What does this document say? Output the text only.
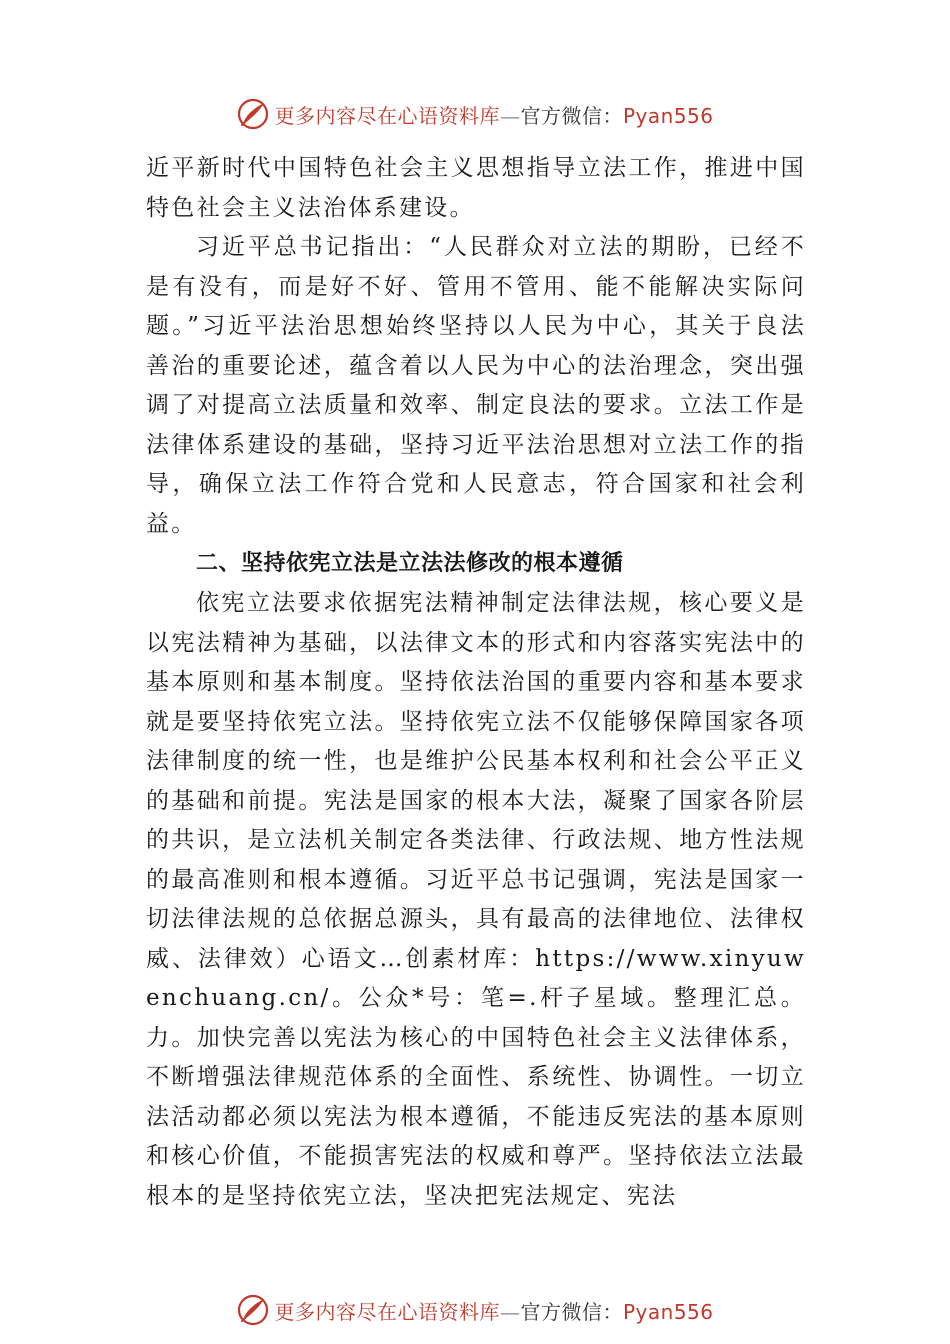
更多内容尽在心语资料库—官方微信：Pyan556

近平新时代中国特色社会主义思想指导立法工作，推进中国特色社会主义法治体系建设。

习近平总书记指出：“人民群众对立法的期盼，已经不是有没有，而是好不好、管用不管用、能不能解决实际问题。”习近平法治思想始终坚持以人民为中心，其关于良法善治的重要论述，蕴含着以人民为中心的法治理念，突出强调了对提高立法质量和效率、制定良法的要求。立法工作是法律体系建设的基础，坚持习近平法治思想对立法工作的指导，确保立法工作符合党和人民意志，符合国家和社会利益。

二、坚持依宪立法是立法法修改的根本遵循

依宪立法要求依据宪法精神制定法律法规，核心要义是以宪法精神为基础，以法律文本的形式和内容落实宪法中的基本原则和基本制度。坚持依法治国的重要内容和基本要求就是要坚持依宪立法。坚持依宪立法不仅能够保障国家各项法律制度的统一性，也是维护公民基本权利和社会公平正义的基础和前提。宪法是国家的根本大法，凝聚了国家各阶层的共识，是立法机关制定各类法律、行政法规、地方性法规的最高准则和根本遵循。习近平总书记强调，宪法是国家一切法律法规的总依据总源头，具有最高的法律地位、法律权威、法律效）心语文…创素材库：https://www.xinyuwenchuang.cn/。公众*号：笔=.杆子星域。整理汇总。力。加快完善以宪法为核心的中国特色社会主义法律体系，不断增强法律规范体系的全面性、系统性、协调性。一切立法活动都必须以宪法为根本遵循，不能违反宪法的基本原则和核心价值，不能损害宪法的权威和尊严。坚持依法立法最根本的是坚持依宪立法，坚决把宪法规定、宪法

更多内容尽在心语资料库—官方微信：Pyan556
